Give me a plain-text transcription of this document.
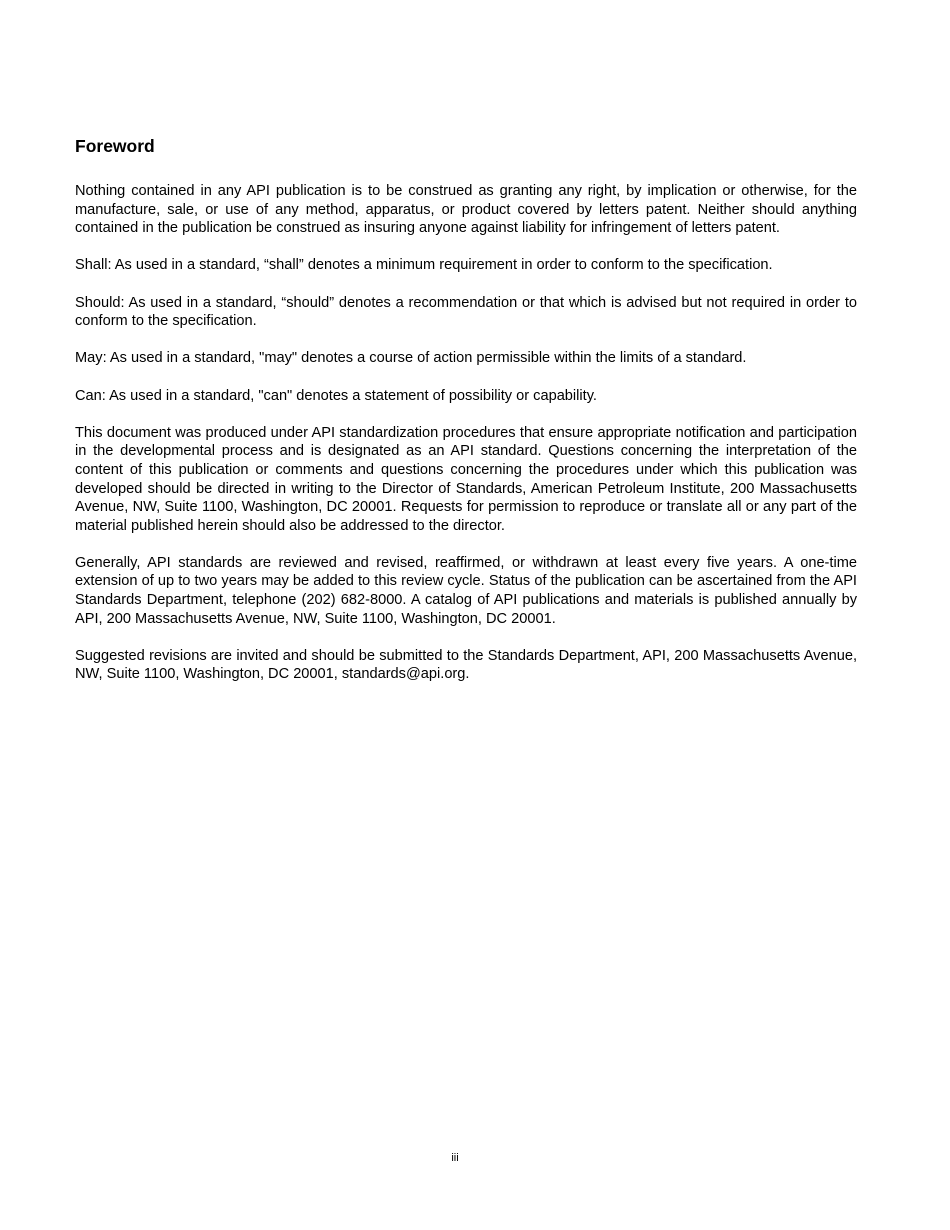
Foreword

Nothing contained in any API publication is to be construed as granting any right, by implication or otherwise, for the manufacture, sale, or use of any method, apparatus, or product covered by letters patent. Neither should anything contained in the publication be construed as insuring anyone against liability for infringement of letters patent.

Shall: As used in a standard, “shall” denotes a minimum requirement in order to conform to the specification.

Should: As used in a standard, “should” denotes a recommendation or that which is advised but not required in order to conform to the specification.

May: As used in a standard, "may" denotes a course of action permissible within the limits of a standard.

Can: As used in a standard, "can" denotes a statement of possibility or capability.

This document was produced under API standardization procedures that ensure appropriate notification and participation in the developmental process and is designated as an API standard. Questions concerning the interpretation of the content of this publication or comments and questions concerning the procedures under which this publication was developed should be directed in writing to the Director of Standards, American Petroleum Institute, 200 Massachusetts Avenue, NW, Suite 1100, Washington, DC 20001. Requests for permission to reproduce or translate all or any part of the material published herein should also be addressed to the director.

Generally, API standards are reviewed and revised, reaffirmed, or withdrawn at least every five years. A one-time extension of up to two years may be added to this review cycle. Status of the publication can be ascertained from the API Standards Department, telephone (202) 682-8000. A catalog of API publications and materials is published annually by API, 200 Massachusetts Avenue, NW, Suite 1100, Washington, DC 20001.

Suggested revisions are invited and should be submitted to the Standards Department, API, 200 Massachusetts Avenue, NW, Suite 1100, Washington, DC 20001, standards@api.org.

iii
